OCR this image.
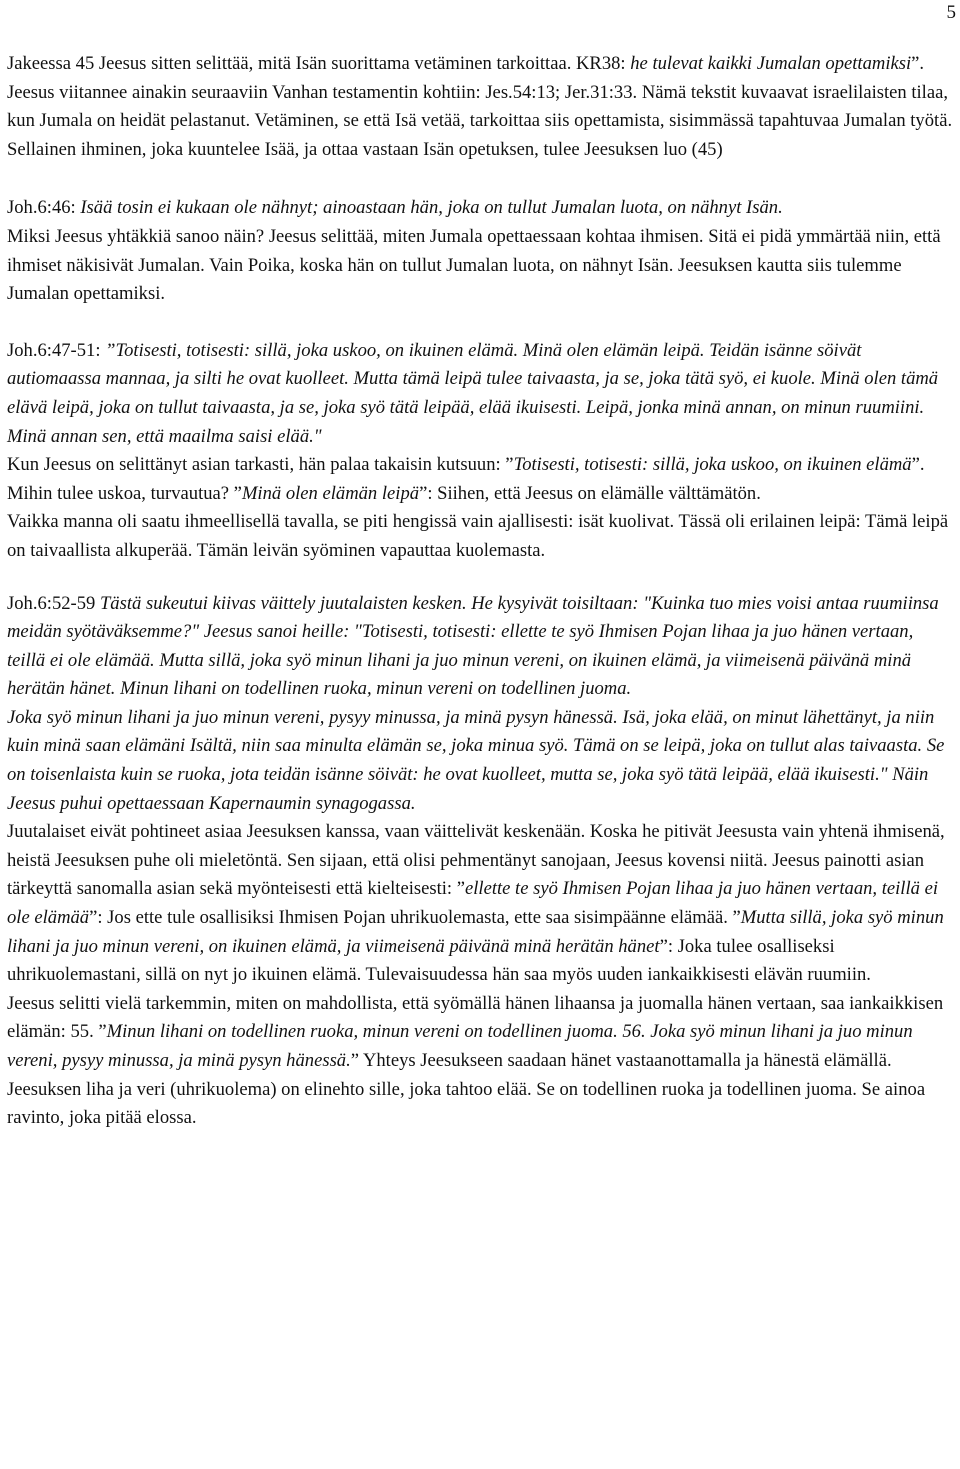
5

Jakeessa 45 Jeesus sitten selittää, mitä Isän suorittama vetäminen tarkoittaa. KR38: he tulevat kaikki Jumalan opettamiksi”. Jeesus viitannee ainakin seuraaviin Vanhan testamentin kohtiin: Jes.54:13; Jer.31:33. Nämä tekstit kuvaavat israelilaisten tilaa, kun Jumala on heidät pelastanut. Vetäminen, se että Isä vetää, tarkoittaa siis opettamista, sisimmässä tapahtuvaa Jumalan työtä. Sellainen ihminen, joka kuuntelee Isää, ja ottaa vastaan Isän opetuksen, tulee Jeesuksen luo (45)

Joh.6:46: Isää tosin ei kukaan ole nähnyt; ainoastaan hän, joka on tullut Jumalan luota, on nähnyt Isän.

Miksi Jeesus yhtäkkiä sanoo näin? Jeesus selittää, miten Jumala opettaessaan kohtaa ihmisen. Sitä ei pidä ymmärtää niin, että ihmiset näkisivät Jumalan. Vain Poika, koska hän on tullut Jumalan luota, on nähnyt Isän. Jeesuksen kautta siis tulemme Jumalan opettamiksi.

Joh.6:47-51: ”Totisesti, totisesti: sillä, joka uskoo, on ikuinen elämä. Minä olen elämän leipä. Teidän isänne söivät autiomaassa mannaa, ja silti he ovat kuolleet. Mutta tämä leipä tulee taivaasta, ja se, joka tätä syö, ei kuole. Minä olen tämä elävä leipä, joka on tullut taivaasta, ja se, joka syö tätä leipää, elää ikuisesti. Leipä, jonka minä annan, on minun ruumiini. Minä annan sen, että maailma saisi elää."

Kun Jeesus on selittänyt asian tarkasti, hän palaa takaisin kutsuun: ”Totisesti, totisesti: sillä, joka uskoo, on ikuinen elämä”. Mihin tulee uskoa, turvautua? ”Minä olen elämän leipä”: Siihen, että Jeesus on elämälle välttämätön.

Vaikka manna oli saatu ihmeellisellä tavalla, se piti hengissä vain ajallisesti: isät kuolivat. Tässä oli erilainen leipä: Tämä leipä on taivaallista alkuperää. Tämän leivän syöminen vapauttaa kuolemasta.

Joh.6:52-59 Tästä sukeutui kiivas väittely juutalaisten kesken. He kysyivät toisiltaan: "Kuinka tuo mies voisi antaa ruumiinsa meidän syötäväksemme?" Jeesus sanoi heille: "Totisesti, totisesti: ellette te syö Ihmisen Pojan lihaa ja juo hänen vertaan, teillä ei ole elämää. Mutta sillä, joka syö minun lihani ja juo minun vereni, on ikuinen elämä, ja viimeisenä päivänä minä herätän hänet. Minun lihani on todellinen ruoka, minun vereni on todellinen juoma.

Joka syö minun lihani ja juo minun vereni, pysyy minussa, ja minä pysyn hänessä. Isä, joka elää, on minut lähettänyt, ja niin kuin minä saan elämäni Isältä, niin saa minulta elämän se, joka minua syö. Tämä on se leipä, joka on tullut alas taivaasta. Se on toisenlaista kuin se ruoka, jota teidän isänne söivät: he ovat kuolleet, mutta se, joka syö tätä leipää, elää ikuisesti." Näin Jeesus puhui opettaessaan Kapernaumin synagogassa.

Juutalaiset eivät pohtineet asiaa Jeesuksen kanssa, vaan väittelivät keskenään. Koska he pitivät Jeesusta vain yhtenä ihmisenä, heistä Jeesuksen puhe oli mieletöntä. Sen sijaan, että olisi pehmentänyt sanojaan, Jeesus kovensi niitä. Jeesus painotti asian tärkeyttä sanomalla asian sekä myönteisesti että kielteisesti: ”ellette te syö Ihmisen Pojan lihaa ja juo hänen vertaan, teillä ei ole elämää”: Jos ette tule osallisiksi Ihmisen Pojan uhrikuolemasta, ette saa sisimpäänne elämää. ”Mutta sillä, joka syö minun lihani ja juo minun vereni, on ikuinen elämä, ja viimeisenä päivänä minä herätän hänet”: Joka tulee osalliseksi uhrikuolemastani, sillä on nyt jo ikuinen elämä. Tulevaisuudessa hän saa myös uuden iankaikkisesti elävän ruumiin.

Jeesus selitti vielä tarkemmin, miten on mahdollista, että syömällä hänen lihaansa ja juomalla hänen vertaan, saa iankaikkisen elämän: 55. ”Minun lihani on todellinen ruoka, minun vereni on todellinen juoma. 56. Joka syö minun lihani ja juo minun vereni, pysyy minussa, ja minä pysyn hänessä.” Yhteys Jeesukseen saadaan hänet vastaanottamalla ja hänestä elämällä. Jeesuksen liha ja veri (uhrikuolema) on elinehto sille, joka tahtoo elää. Se on todellinen ruoka ja todellinen juoma. Se ainoa ravinto, joka pitää elossa.
